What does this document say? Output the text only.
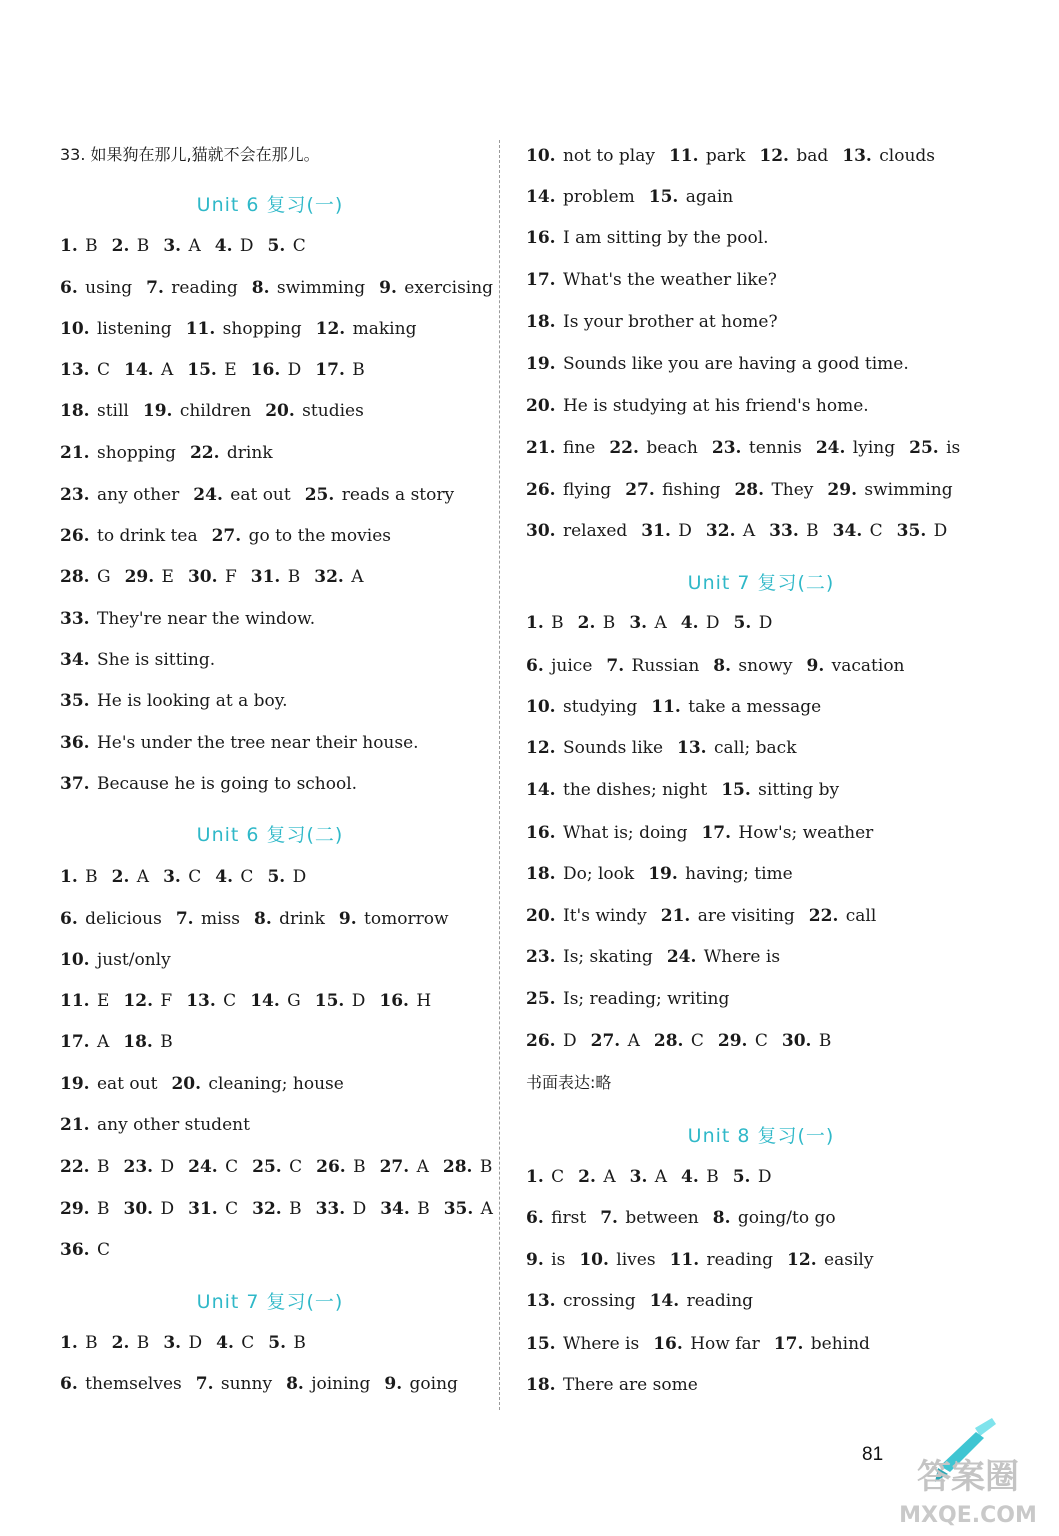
33. 如果狗在那儿,猫就不会在那儿。
Unit 6 复习(一)
1. B 2. B 3. A 4. D 5. C
6. using 7. reading 8. swimming 9. exercising
10. listening 11. shopping 12. making
13. C 14. A 15. E 16. D 17. B
18. still 19. children 20. studies
21. shopping 22. drink
23. any other 24. eat out 25. reads a story
26. to drink tea 27. go to the movies
28. G 29. E 30. F 31. B 32. A
33. They're near the window.
34. She is sitting.
35. He is looking at a boy.
36. He's under the tree near their house.
37. Because he is going to school.
Unit 6 复习(二)
1. B 2. A 3. C 4. C 5. D
6. delicious 7. miss 8. drink 9. tomorrow
10. just/only
11. E 12. F 13. C 14. G 15. D 16. H
17. A 18. B
19. eat out 20. cleaning; house
21. any other student
22. B 23. D 24. C 25. C 26. B 27. A 28. B
29. B 30. D 31. C 32. B 33. D 34. B 35. A
36. C
Unit 7 复习(一)
1. B 2. B 3. D 4. C 5. B
6. themselves 7. sunny 8. joining 9. going
10. not to play 11. park 12. bad 13. clouds
14. problem 15. again
16. I am sitting by the pool.
17. What's the weather like?
18. Is your brother at home?
19. Sounds like you are having a good time.
20. He is studying at his friend's home.
21. fine 22. beach 23. tennis 24. lying 25. is
26. flying 27. fishing 28. They 29. swimming
30. relaxed 31. D 32. A 33. B 34. C 35. D
Unit 7 复习(二)
1. B 2. B 3. A 4. D 5. D
6. juice 7. Russian 8. snowy 9. vacation
10. studying 11. take a message
12. Sounds like 13. call; back
14. the dishes; night 15. sitting by
16. What is; doing 17. How's; weather
18. Do; look 19. having; time
20. It's windy 21. are visiting 22. call
23. Is; skating 24. Where is
25. Is; reading; writing
26. D 27. A 28. C 29. C 30. B
书面表达:略
Unit 8 复习(一)
1. C 2. A 3. A 4. B 5. D
6. first 7. between 8. going/to go
9. is 10. lives 11. reading 12. easily
13. crossing 14. reading
15. Where is 16. How far 17. behind
18. There are some
81
答案圈
MXQE.COM
